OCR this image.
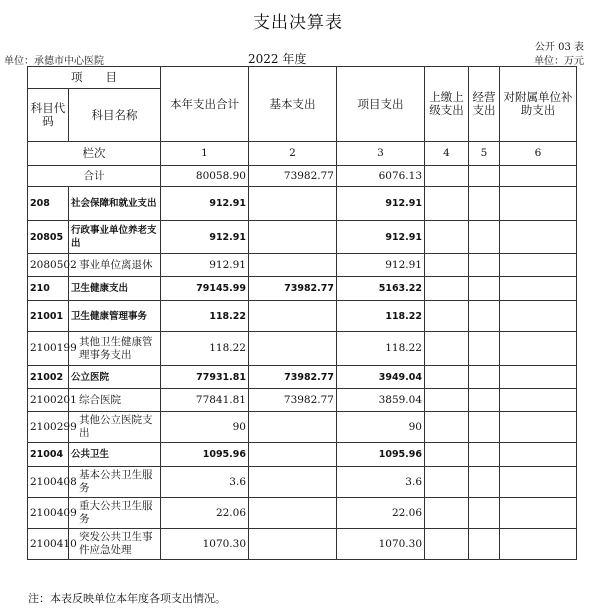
支出决算表
公开 03 表
单位：承德市中心医院	2022 年度	单位：万元
项　　目		本年支出合计	基本支出	项目支出	上缴上级支出	经营支出	对附属单位补助支出
科目代码	科目名称						
栏次		1	2	3	4	5	6
合计		80058.90	73982.77	6076.13			
208	社会保障和就业支出	912.91		912.91			
20805	行政事业单位养老支出	912.91		912.91			
2080502	事业单位离退休	912.91		912.91			
210	卫生健康支出	79145.99	73982.77	5163.22			
21001	卫生健康管理事务	118.22		118.22			
2100199	其他卫生健康管理事务支出	118.22		118.22			
21002	公立医院	77931.81	73982.77	3949.04			
2100201	综合医院	77841.81	73982.77	3859.04			
2100299	其他公立医院支出	90		90			
21004	公共卫生	1095.96		1095.96			
2100408	基本公共卫生服务	3.6		3.6			
2100409	重大公共卫生服务	22.06		22.06			
2100410	突发公共卫生事件应急处理	1070.30		1070.30			
注：本表反映单位本年度各项支出情况。
